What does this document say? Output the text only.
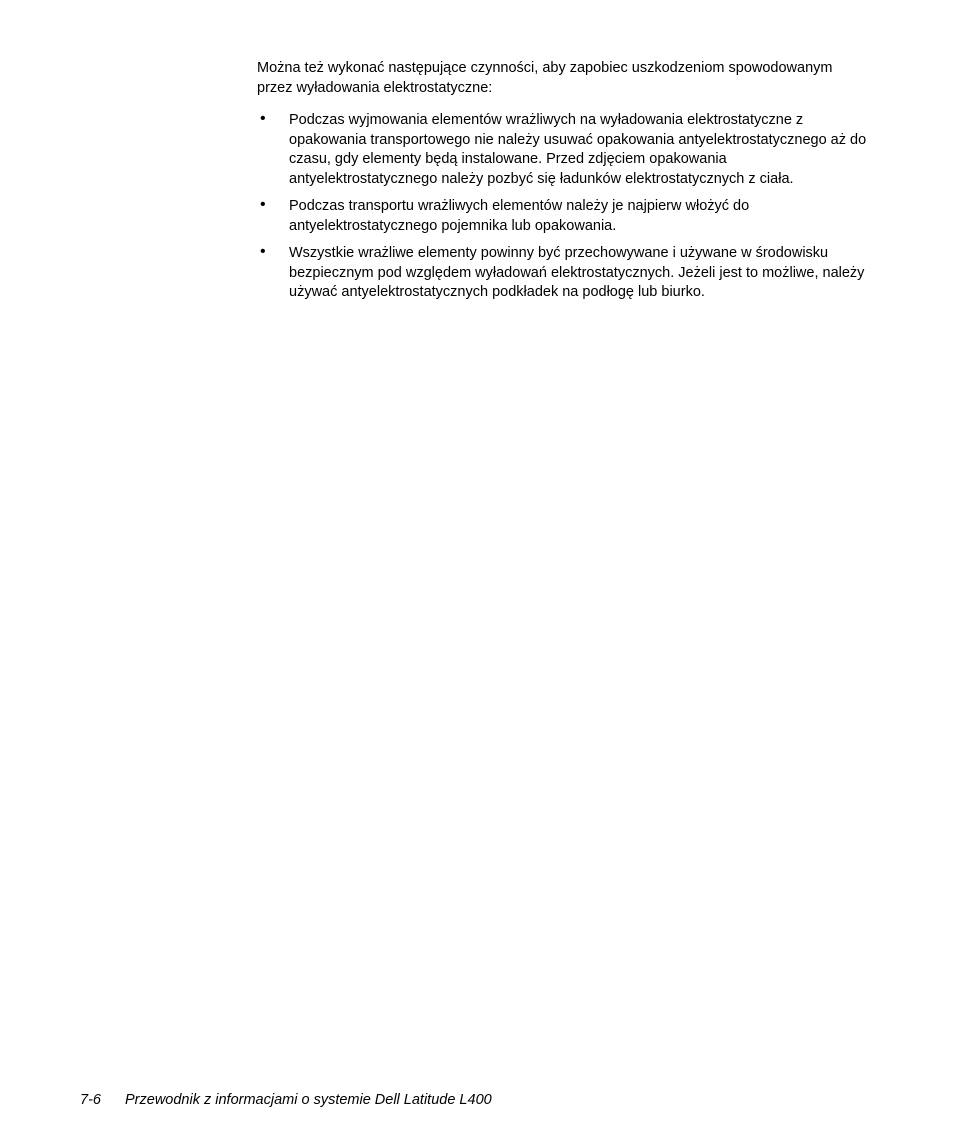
Można też wykonać następujące czynności, aby zapobiec uszkodzeniom spowodowanym przez wyładowania elektrostatyczne:

• Podczas wyjmowania elementów wrażliwych na wyładowania elektrostatyczne z opakowania transportowego nie należy usuwać opakowania antyelektrostatycznego aż do czasu, gdy elementy będą instalowane. Przed zdjęciem opakowania antyelektrostatycznego należy pozbyć się ładunków elektrostatycznych z ciała.
• Podczas transportu wrażliwych elementów należy je najpierw włożyć do antyelektrostatycznego pojemnika lub opakowania.
• Wszystkie wrażliwe elementy powinny być przechowywane i używane w środowisku bezpiecznym pod względem wyładowań elektrostatycznych. Jeżeli jest to możliwe, należy używać antyelektrostatycznych podkładek na podłogę lub biurko.
7-6 Przewodnik z informacjami o systemie Dell Latitude L400
